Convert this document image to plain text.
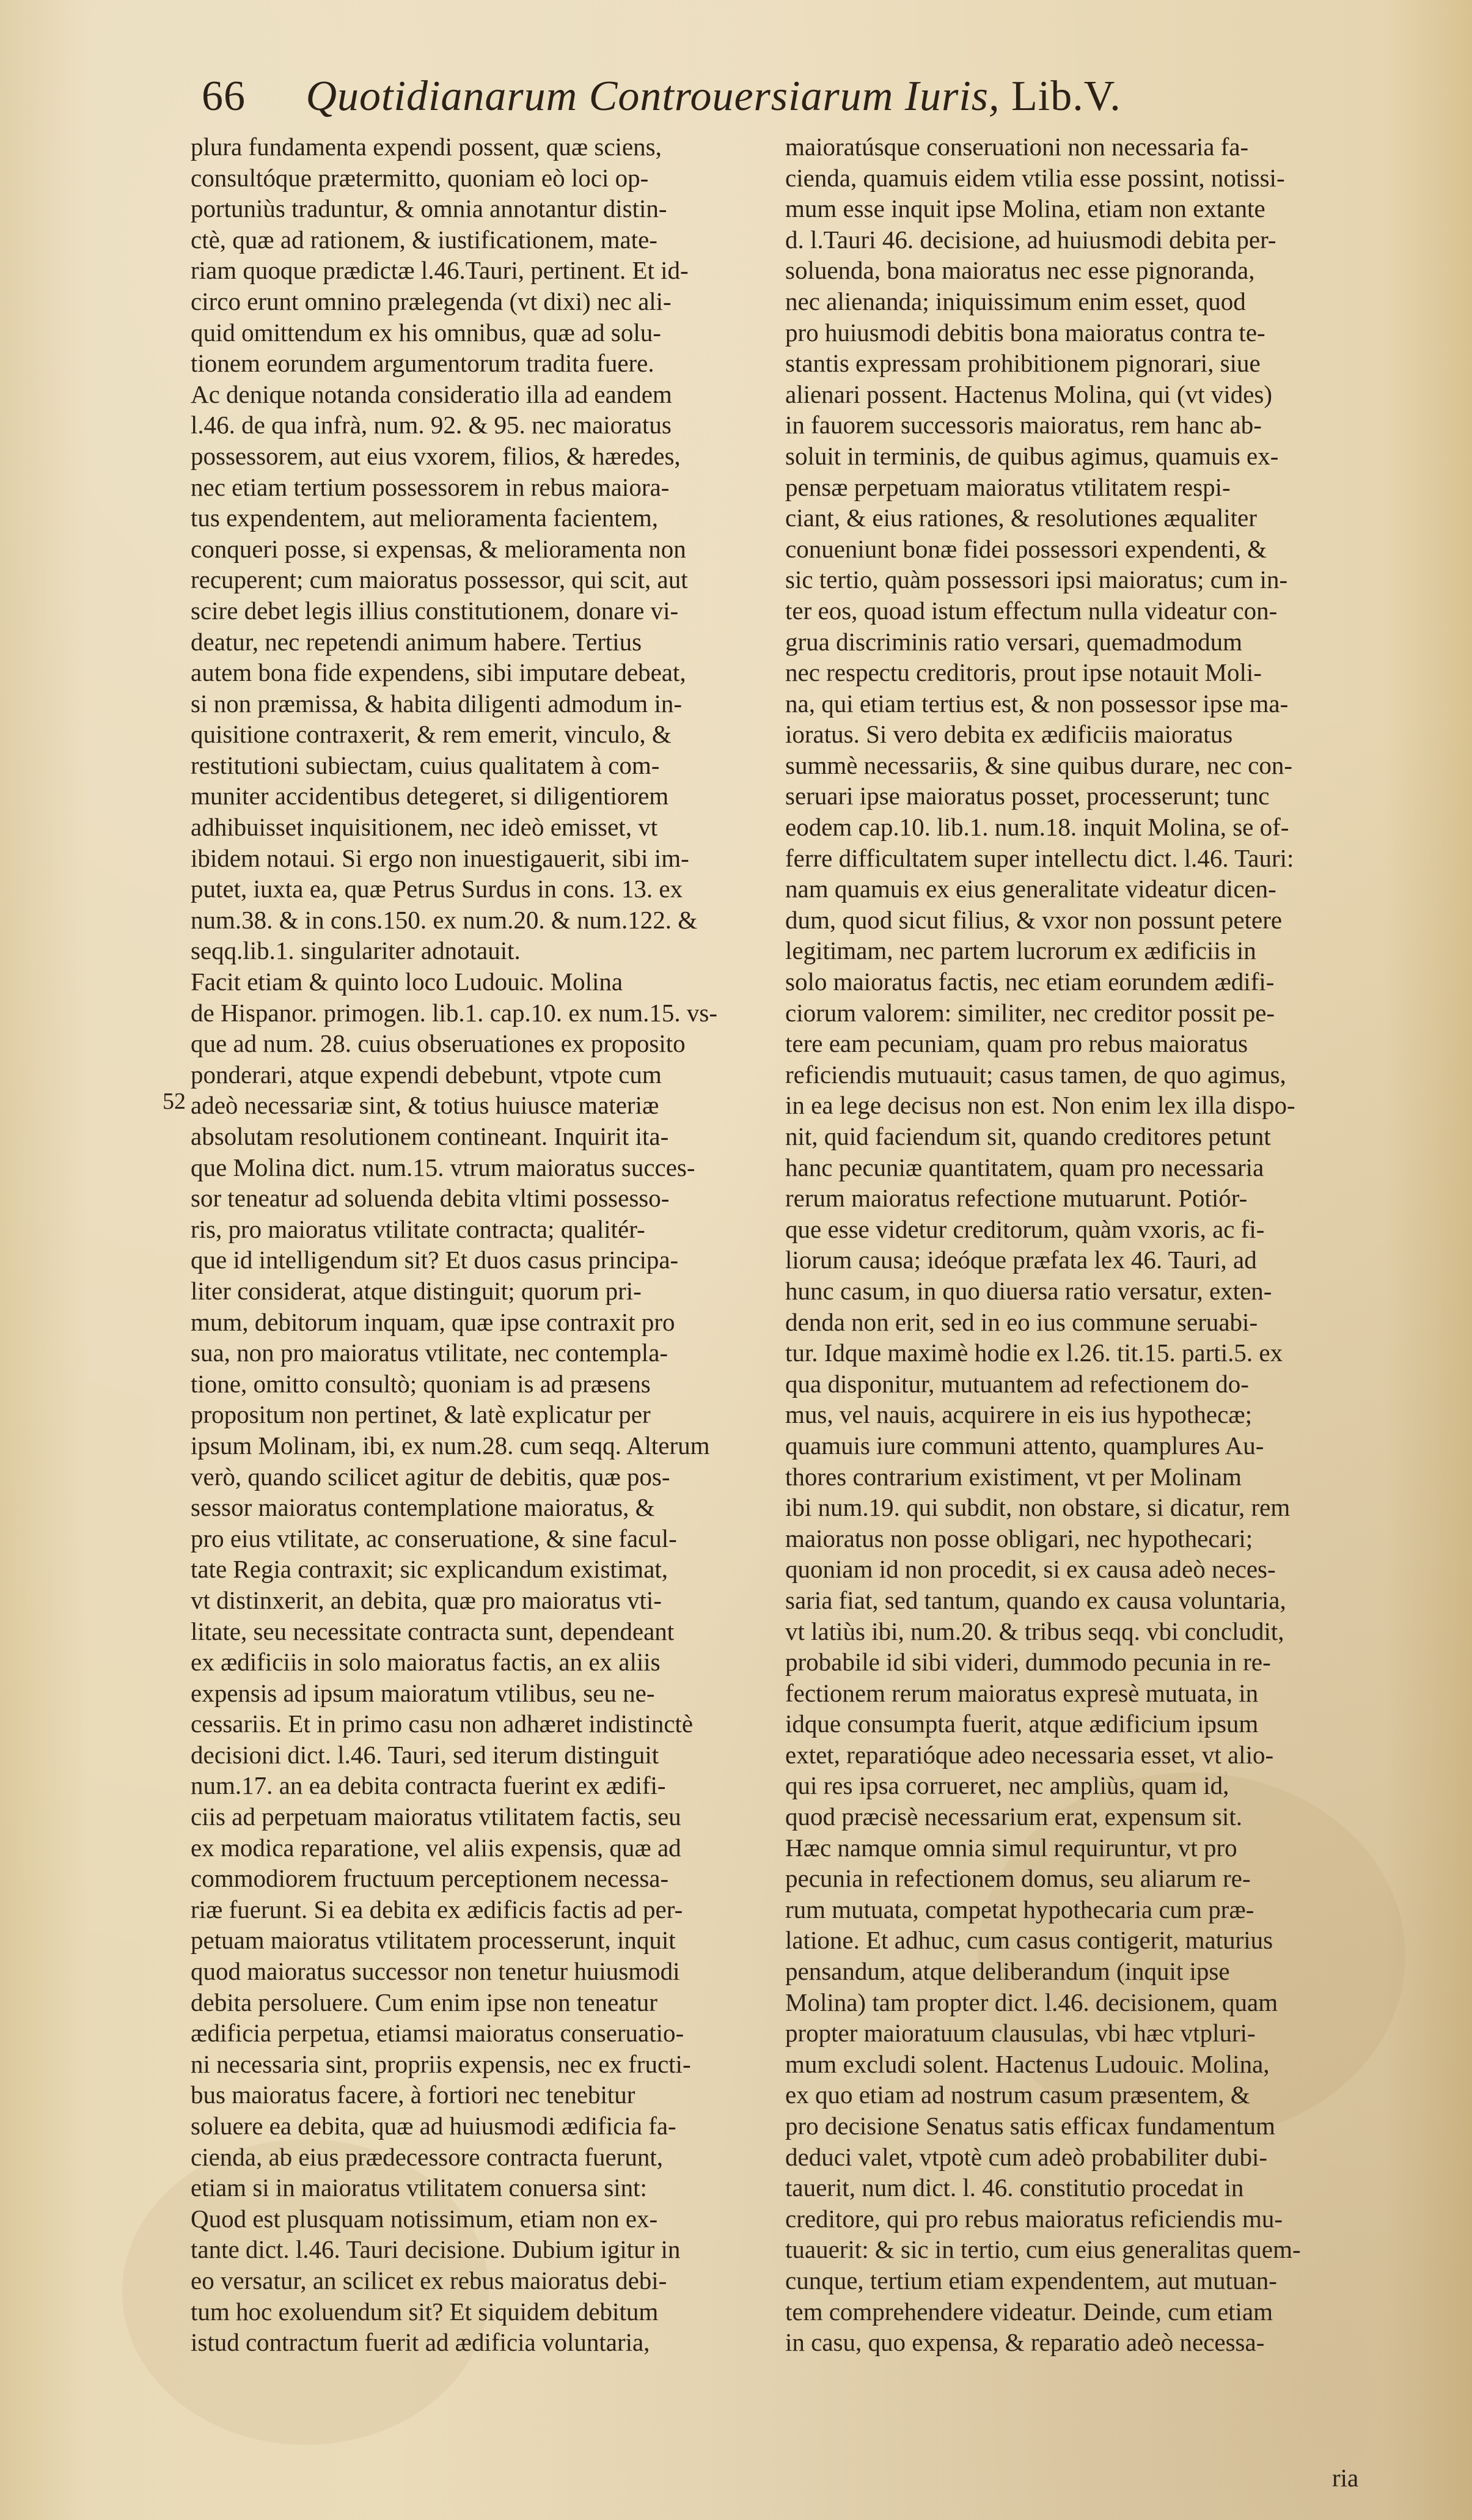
66 Quotidianarum Controuersiarum Iuris, Lib.V.
52
plura fundamenta expendi possent, quæ sciens,
consultóque prætermitto, quoniam eò loci op-
portuniùs traduntur, & omnia annotantur distin-
ctè, quæ ad rationem, & iustificationem, mate-
riam quoque prædictæ l.46.Tauri, pertinent. Et id-
circo erunt omnino prælegenda (vt dixi) nec ali-
quid omittendum ex his omnibus, quæ ad solu-
tionem eorundem argumentorum tradita fuere.
Ac denique notanda consideratio illa ad eandem
l.46. de qua infrà, num. 92. & 95. nec maioratus
possessorem, aut eius vxorem, filios, & hæredes,
nec etiam tertium possessorem in rebus maiora-
tus expendentem, aut melioramenta facientem,
conqueri posse, si expensas, & melioramenta non
recuperent; cum maioratus possessor, qui scit, aut
scire debet legis illius constitutionem, donare vi-
deatur, nec repetendi animum habere. Tertius
autem bona fide expendens, sibi imputare debeat,
si non præmissa, & habita diligenti admodum in-
quisitione contraxerit, & rem emerit, vinculo, &
restitutioni subiectam, cuius qualitatem à com-
muniter accidentibus detegeret, si diligentiorem
adhibuisset inquisitionem, nec ideò emisset, vt
ibidem notaui. Si ergo non inuestigauerit, sibi im-
putet, iuxta ea, quæ Petrus Surdus in cons. 13. ex
num.38. & in cons.150. ex num.20. & num.122. &
seqq.lib.1. singulariter adnotauit.
Facit etiam & quinto loco Ludouic. Molina
de Hispanor. primogen. lib.1. cap.10. ex num.15. vs-
que ad num. 28. cuius obseruationes ex proposito
ponderari, atque expendi debebunt, vtpote cum
adeò necessariæ sint, & totius huiusce materiæ
absolutam resolutionem contineant. Inquirit ita-
que Molina dict. num.15. vtrum maioratus succes-
sor teneatur ad soluenda debita vltimi possesso-
ris, pro maioratus vtilitate contracta; qualitér-
que id intelligendum sit? Et duos casus principa-
liter considerat, atque distinguit; quorum pri-
mum, debitorum inquam, quæ ipse contraxit pro
sua, non pro maioratus vtilitate, nec contempla-
tione, omitto consultò; quoniam is ad præsens
propositum non pertinet, & latè explicatur per
ipsum Molinam, ibi, ex num.28. cum seqq. Alterum
verò, quando scilicet agitur de debitis, quæ pos-
sessor maioratus contemplatione maioratus, &
pro eius vtilitate, ac conseruatione, & sine facul-
tate Regia contraxit; sic explicandum existimat,
vt distinxerit, an debita, quæ pro maioratus vti-
litate, seu necessitate contracta sunt, dependeant
ex ædificiis in solo maioratus factis, an ex aliis
expensis ad ipsum maioratum vtilibus, seu ne-
cessariis. Et in primo casu non adhæret indistinctè
decisioni dict. l.46. Tauri, sed iterum distinguit
num.17. an ea debita contracta fuerint ex ædifi-
ciis ad perpetuam maioratus vtilitatem factis, seu
ex modica reparatione, vel aliis expensis, quæ ad
commodiorem fructuum perceptionem necessa-
riæ fuerunt. Si ea debita ex ædificis factis ad per-
petuam maioratus vtilitatem processerunt, inquit
quod maioratus successor non tenetur huiusmodi
debita persoluere. Cum enim ipse non teneatur
ædificia perpetua, etiamsi maioratus conseruatio-
ni necessaria sint, propriis expensis, nec ex fructi-
bus maioratus facere, à fortiori nec tenebitur
soluere ea debita, quæ ad huiusmodi ædificia fa-
cienda, ab eius prædecessore contracta fuerunt,
etiam si in maioratus vtilitatem conuersa sint:
Quod est plusquam notissimum, etiam non ex-
tante dict. l.46. Tauri decisione. Dubium igitur in
eo versatur, an scilicet ex rebus maioratus debi-
tum hoc exoluendum sit? Et siquidem debitum
istud contractum fuerit ad ædificia voluntaria,
maioratúsque conseruationi non necessaria fa-
cienda, quamuis eidem vtilia esse possint, notissi-
mum esse inquit ipse Molina, etiam non extante
d. l.Tauri 46. decisione, ad huiusmodi debita per-
soluenda, bona maioratus nec esse pignoranda,
nec alienanda; iniquissimum enim esset, quod
pro huiusmodi debitis bona maioratus contra te-
stantis expressam prohibitionem pignorari, siue
alienari possent. Hactenus Molina, qui (vt vides)
in fauorem successoris maioratus, rem hanc ab-
soluit in terminis, de quibus agimus, quamuis ex-
pensæ perpetuam maioratus vtilitatem respi-
ciant, & eius rationes, & resolutiones æqualiter
conueniunt bonæ fidei possessori expendenti, &
sic tertio, quàm possessori ipsi maioratus; cum in-
ter eos, quoad istum effectum nulla videatur con-
grua discriminis ratio versari, quemadmodum
nec respectu creditoris, prout ipse notauit Moli-
na, qui etiam tertius est, & non possessor ipse ma-
ioratus. Si vero debita ex ædificiis maioratus
summè necessariis, & sine quibus durare, nec con-
seruari ipse maioratus posset, processerunt; tunc
eodem cap.10. lib.1. num.18. inquit Molina, se of-
ferre difficultatem super intellectu dict. l.46. Tauri:
nam quamuis ex eius generalitate videatur dicen-
dum, quod sicut filius, & vxor non possunt petere
legitimam, nec partem lucrorum ex ædificiis in
solo maioratus factis, nec etiam eorundem ædifi-
ciorum valorem: similiter, nec creditor possit pe-
tere eam pecuniam, quam pro rebus maioratus
reficiendis mutuauit; casus tamen, de quo agimus,
in ea lege decisus non est. Non enim lex illa dispo-
nit, quid faciendum sit, quando creditores petunt
hanc pecuniæ quantitatem, quam pro necessaria
rerum maioratus refectione mutuarunt. Potiór-
que esse videtur creditorum, quàm vxoris, ac fi-
liorum causa; ideóque præfata lex 46. Tauri, ad
hunc casum, in quo diuersa ratio versatur, exten-
denda non erit, sed in eo ius commune seruabi-
tur. Idque maximè hodie ex l.26. tit.15. parti.5. ex
qua disponitur, mutuantem ad refectionem do-
mus, vel nauis, acquirere in eis ius hypothecæ;
quamuis iure communi attento, quamplures Au-
thores contrarium existiment, vt per Molinam
ibi num.19. qui subdit, non obstare, si dicatur, rem
maioratus non posse obligari, nec hypothecari;
quoniam id non procedit, si ex causa adeò neces-
saria fiat, sed tantum, quando ex causa voluntaria,
vt latiùs ibi, num.20. & tribus seqq. vbi concludit,
probabile id sibi videri, dummodo pecunia in re-
fectionem rerum maioratus expresè mutuata, in
idque consumpta fuerit, atque ædificium ipsum
extet, reparatióque adeo necessaria esset, vt alio-
qui res ipsa corrueret, nec ampliùs, quam id,
quod præcisè necessarium erat, expensum sit.
Hæc namque omnia simul requiruntur, vt pro
pecunia in refectionem domus, seu aliarum re-
rum mutuata, competat hypothecaria cum præ-
latione. Et adhuc, cum casus contigerit, maturius
pensandum, atque deliberandum (inquit ipse
Molina) tam propter dict. l.46. decisionem, quam
propter maioratuum clausulas, vbi hæc vtpluri-
mum excludi solent. Hactenus Ludouic. Molina,
ex quo etiam ad nostrum casum præsentem, &
pro decisione Senatus satis efficax fundamentum
deduci valet, vtpotè cum adeò probabiliter dubi-
tauerit, num dict. l. 46. constitutio procedat in
creditore, qui pro rebus maioratus reficiendis mu-
tuauerit: & sic in tertio, cum eius generalitas quem-
cunque, tertium etiam expendentem, aut mutuan-
tem comprehendere videatur. Deinde, cum etiam
in casu, quo expensa, & reparatio adeò necessa-
ria
